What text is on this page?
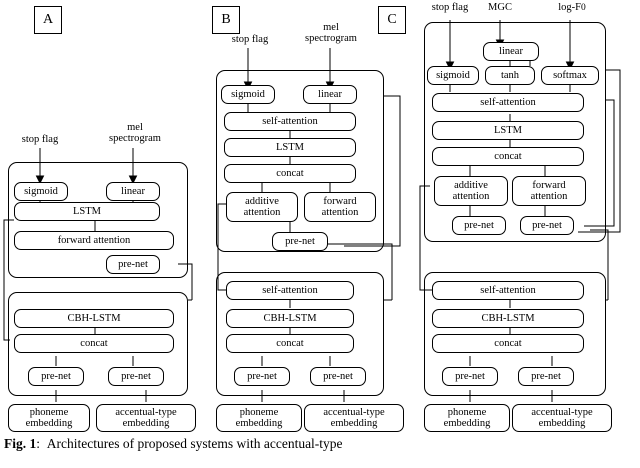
A
stop flag
mel
spectrogram
sigmoid	linear
LSTM
forward attention
pre-net
CBH-LSTM
concat
pre-net	pre-net
phoneme
embedding
accentual-type
embedding
B
stop flag
mel
spectrogram
sigmoid	linear
self-attention
LSTM
concat
additive
attention
forward
attention
pre-net
self-attention
CBH-LSTM
concat
pre-net	pre-net
phoneme
embedding
accentual-type
embedding
C
stop flag	MGC	log-F0
linear
sigmoid	tanh	softmax
self-attention
LSTM
concat
additive
attention
forward
attention
pre-net	pre-net
self-attention
CBH-LSTM
concat
pre-net	pre-net
phoneme
embedding
accentual-type
embedding
Fig. 1: Architectures of proposed systems with accentual-type
